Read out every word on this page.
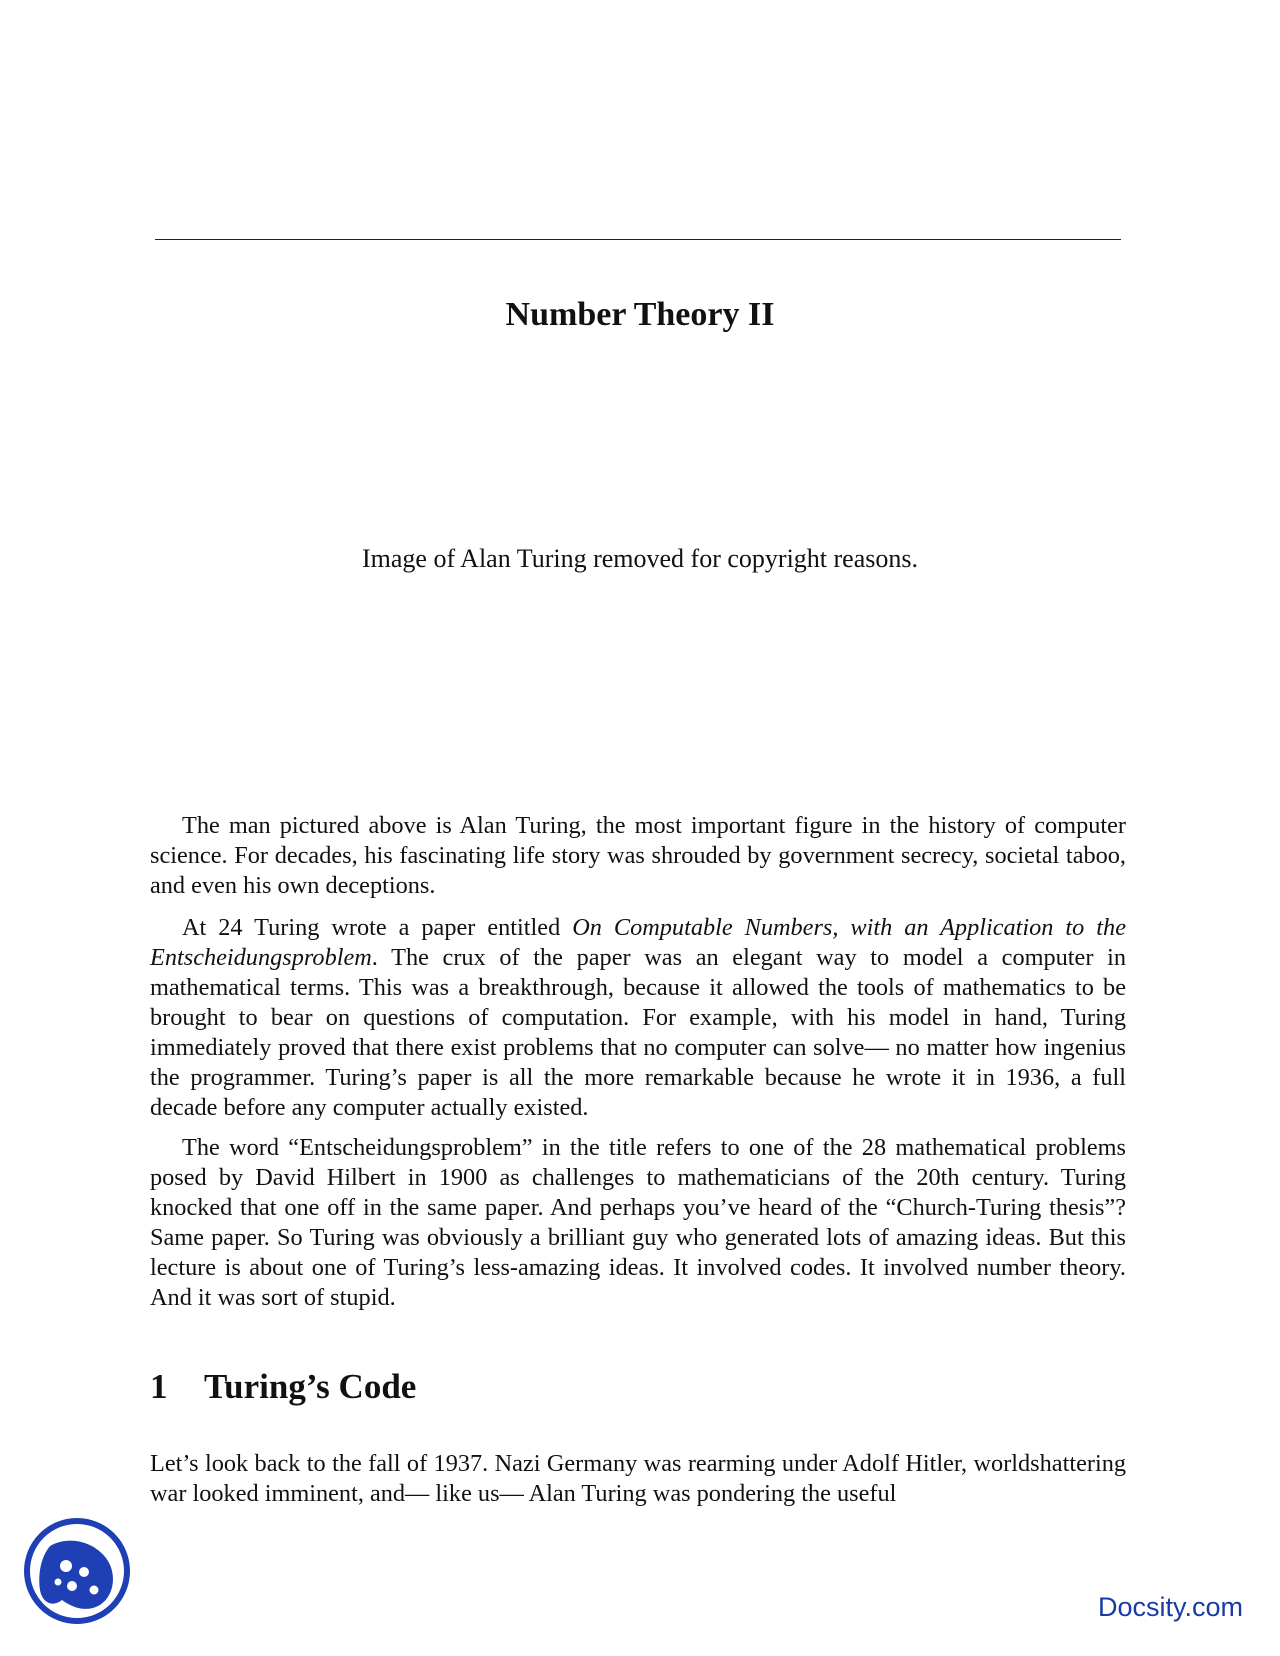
Number Theory II

Image of Alan Turing removed for copyright reasons.

The man pictured above is Alan Turing, the most important figure in the history of computer science. For decades, his fascinating life story was shrouded by government secrecy, societal taboo, and even his own deceptions.

At 24 Turing wrote a paper entitled On Computable Numbers, with an Application to the Entscheidungsproblem. The crux of the paper was an elegant way to model a computer in mathematical terms. This was a breakthrough, because it allowed the tools of mathematics to be brought to bear on questions of computation. For example, with his model in hand, Turing immediately proved that there exist problems that no computer can solve— no matter how ingenius the programmer. Turing’s paper is all the more remarkable because he wrote it in 1936, a full decade before any computer actually existed.

The word “Entscheidungsproblem” in the title refers to one of the 28 mathematical problems posed by David Hilbert in 1900 as challenges to mathematicians of the 20th century. Turing knocked that one off in the same paper. And perhaps you’ve heard of the “Church-Turing thesis”? Same paper. So Turing was obviously a brilliant guy who generated lots of amazing ideas. But this lecture is about one of Turing’s less-amazing ideas. It involved codes. It involved number theory. And it was sort of stupid.

1 Turing’s Code

Let’s look back to the fall of 1937. Nazi Germany was rearming under Adolf Hitler, worldshattering war looked imminent, and— like us— Alan Turing was pondering the useful

Docsity.com
